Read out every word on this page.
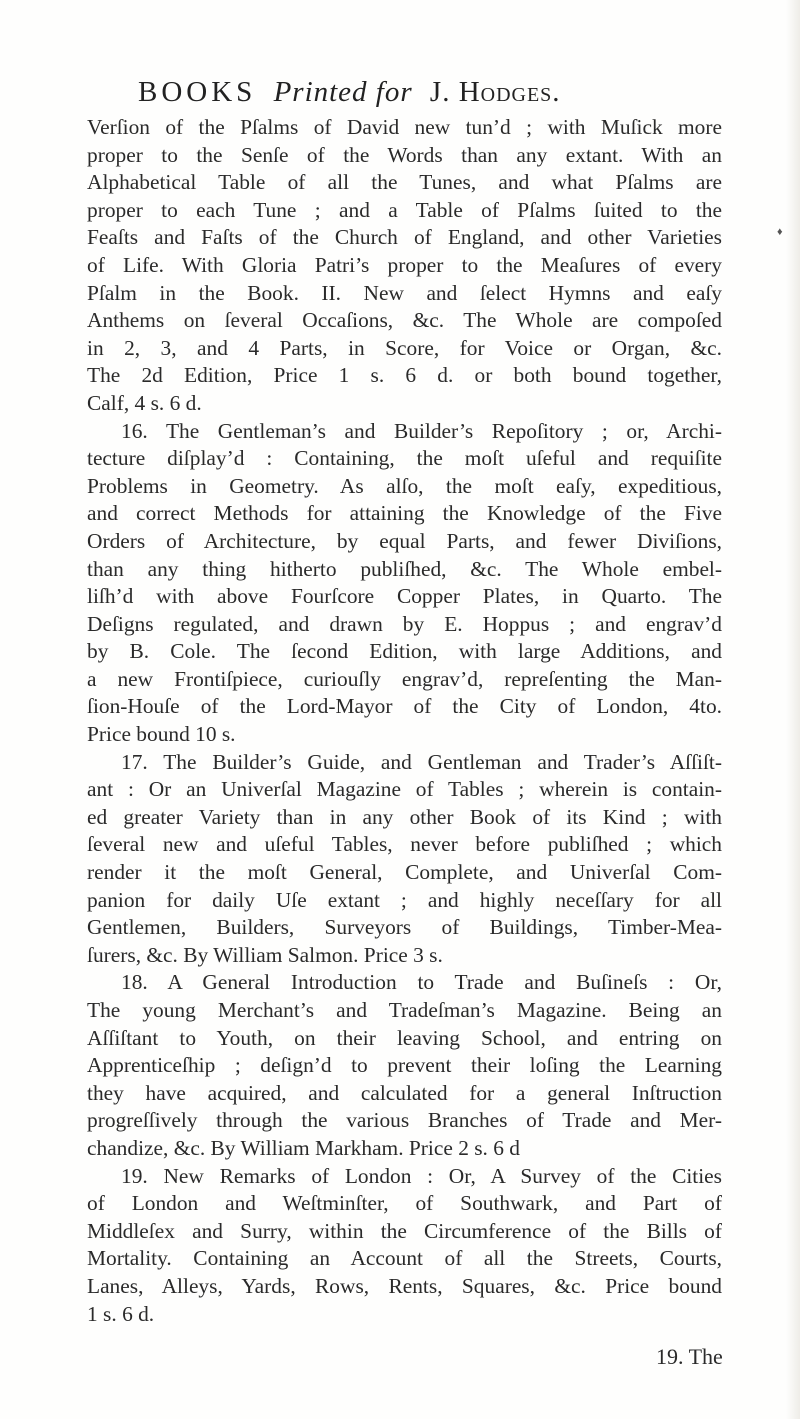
BOOKS Printed for J. Hodges.
♦
Verſion of the Pſalms of David new tun’d ; with Muſick more
proper to the Senſe of the Words than any extant. With an
Alphabetical Table of all the Tunes, and what Pſalms are
proper to each Tune ; and a Table of Pſalms ſuited to the
Feaſts and Faſts of the Church of England, and other Varieties
of Life. With Gloria Patri’s proper to the Meaſures of every
Pſalm in the Book. II. New and ſelect Hymns and eaſy
Anthems on ſeveral Occaſions, &c. The Whole are compoſed
in 2, 3, and 4 Parts, in Score, for Voice or Organ, &c.
The 2d Edition, Price 1 s. 6 d. or both bound together,
Calf, 4 s. 6 d.
16. The Gentleman’s and Builder’s Repoſitory ; or, Archi-
tecture diſplay’d : Containing, the moſt uſeful and requiſite
Problems in Geometry. As alſo, the moſt eaſy, expeditious,
and correct Methods for attaining the Knowledge of the Five
Orders of Architecture, by equal Parts, and fewer Diviſions,
than any thing hitherto publiſhed, &c. The Whole embel-
liſh’d with above Fourſcore Copper Plates, in Quarto. The
Deſigns regulated, and drawn by E. Hoppus ; and engrav’d
by B. Cole. The ſecond Edition, with large Additions, and
a new Frontiſpiece, curiouſly engrav’d, repreſenting the Man-
ſion-Houſe of the Lord-Mayor of the City of London, 4to.
Price bound 10 s.
17. The Builder’s Guide, and Gentleman and Trader’s Aſſiſt-
ant : Or an Univerſal Magazine of Tables ; wherein is contain-
ed greater Variety than in any other Book of its Kind ; with
ſeveral new and uſeful Tables, never before publiſhed ; which
render it the moſt General, Complete, and Univerſal Com-
panion for daily Uſe extant ; and highly neceſſary for all
Gentlemen, Builders, Surveyors of Buildings, Timber-Mea-
ſurers, &c. By William Salmon. Price 3 s.
18. A General Introduction to Trade and Buſineſs : Or,
The young Merchant’s and Tradeſman’s Magazine. Being an
Aſſiſtant to Youth, on their leaving School, and entring on
Apprenticeſhip ; deſign’d to prevent their loſing the Learning
they have acquired, and calculated for a general Inſtruction
progreſſively through the various Branches of Trade and Mer-
chandize, &c. By William Markham. Price 2 s. 6 d
19. New Remarks of London : Or, A Survey of the Cities
of London and Weſtminſter, of Southwark, and Part of
Middleſex and Surry, within the Circumference of the Bills of
Mortality. Containing an Account of all the Streets, Courts,
Lanes, Alleys, Yards, Rows, Rents, Squares, &c. Price bound
1 s. 6 d.
19. The
